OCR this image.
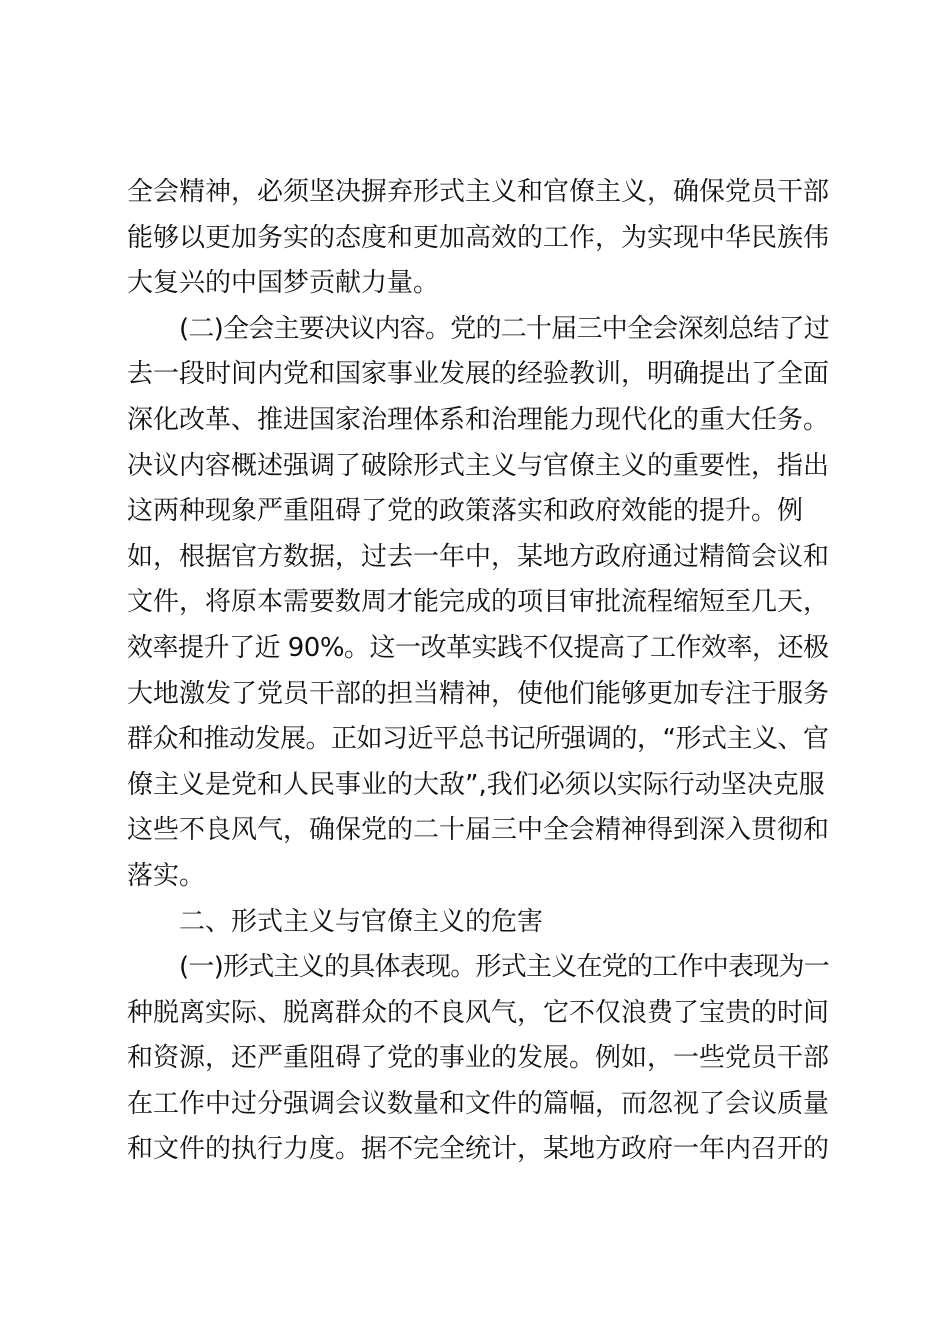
全会精神，必须坚决摒弃形式主义和官僚主义，确保党员干部
能够以更加务实的态度和更加高效的工作，为实现中华民族伟
大复兴的中国梦贡献力量。
(二)全会主要决议内容。党的二十届三中全会深刻总结了过
去一段时间内党和国家事业发展的经验教训，明确提出了全面
深化改革、推进国家治理体系和治理能力现代化的重大任务。
决议内容概述强调了破除形式主义与官僚主义的重要性，指出
这两种现象严重阻碍了党的政策落实和政府效能的提升。例
如，根据官方数据，过去一年中，某地方政府通过精简会议和
文件，将原本需要数周才能完成的项目审批流程缩短至几天，
效率提升了近 90%。这一改革实践不仅提高了工作效率，还极
大地激发了党员干部的担当精神，使他们能够更加专注于服务
群众和推动发展。正如习近平总书记所强调的，“形式主义、官
僚主义是党和人民事业的大敌”,我们必须以实际行动坚决克服
这些不良风气，确保党的二十届三中全会精神得到深入贯彻和
落实。
二、形式主义与官僚主义的危害
(一)形式主义的具体表现。形式主义在党的工作中表现为一
种脱离实际、脱离群众的不良风气，它不仅浪费了宝贵的时间
和资源，还严重阻碍了党的事业的发展。例如，一些党员干部
在工作中过分强调会议数量和文件的篇幅，而忽视了会议质量
和文件的执行力度。据不完全统计，某地方政府一年内召开的
